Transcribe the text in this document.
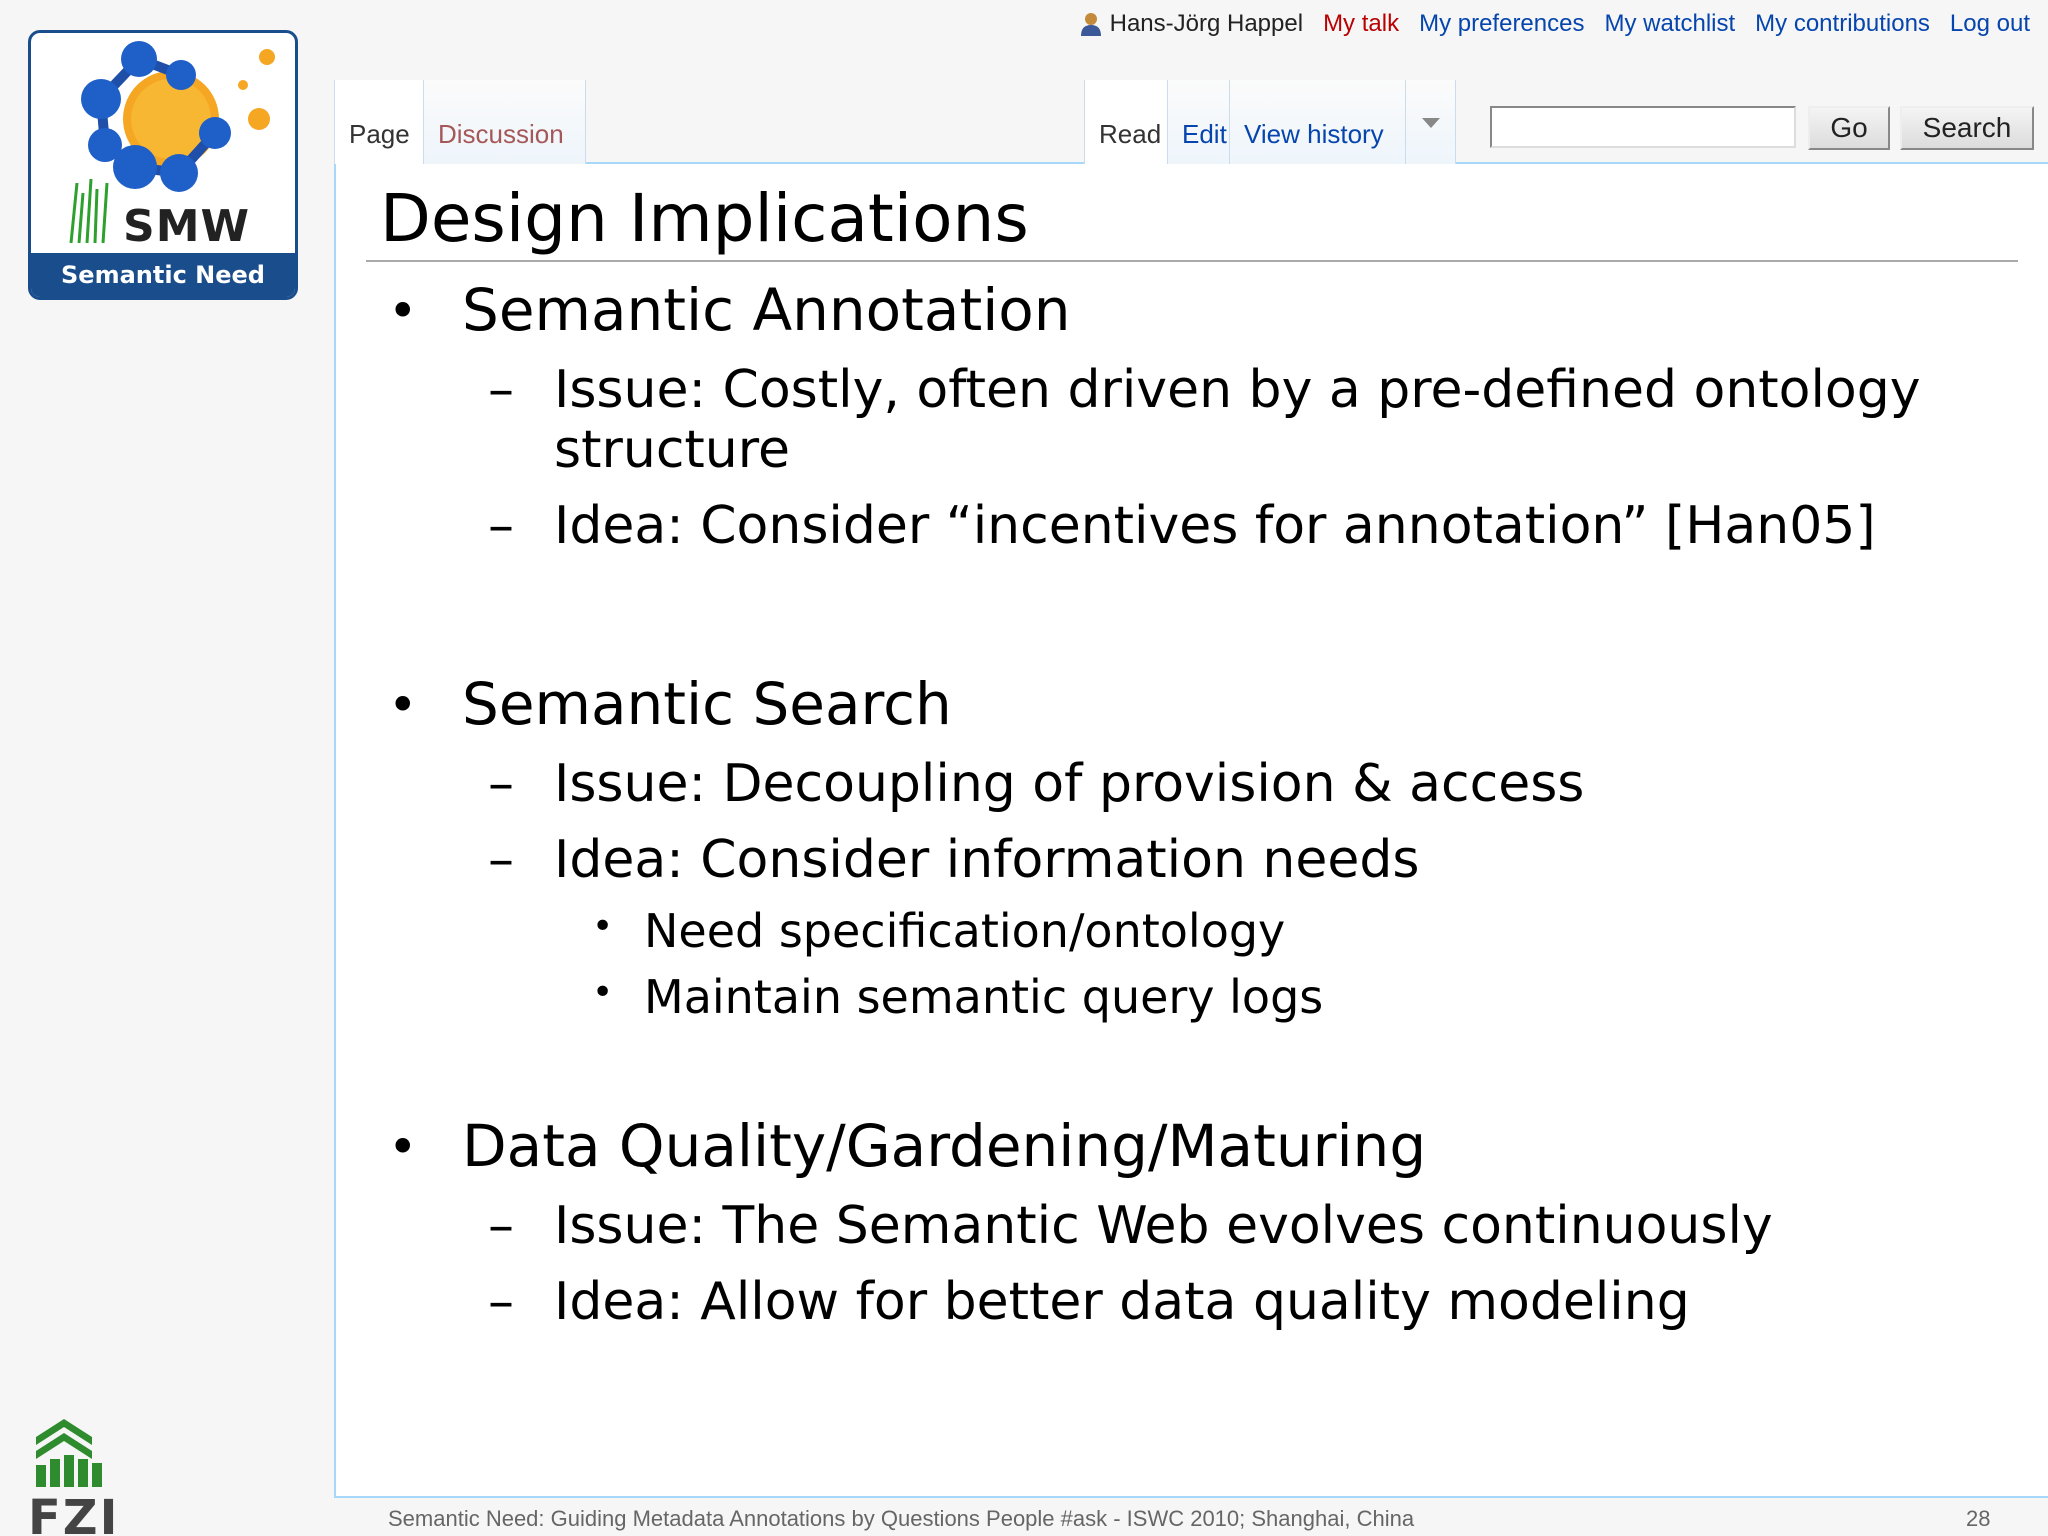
SMW
Semantic Need
FZI
Hans-Jörg Happel My talk My preferences My watchlist My contributions Log out
Page	Discussion	Read Edit View history	Go	Search
Design Implications
• Semantic Annotation
– Issue: Costly, often driven by a pre-defined ontology
structure
– Idea: Consider “incentives for annotation” [Han05]
• Semantic Search
– Issue: Decoupling of provision & access
– Idea: Consider information needs
• Need specification/ontology
• Maintain semantic query logs
• Data Quality/Gardening/Maturing
– Issue: The Semantic Web evolves continuously
– Idea: Allow for better data quality modeling
Semantic Need: Guiding Metadata Annotations by Questions People #ask - ISWC 2010; Shanghai, China	28
